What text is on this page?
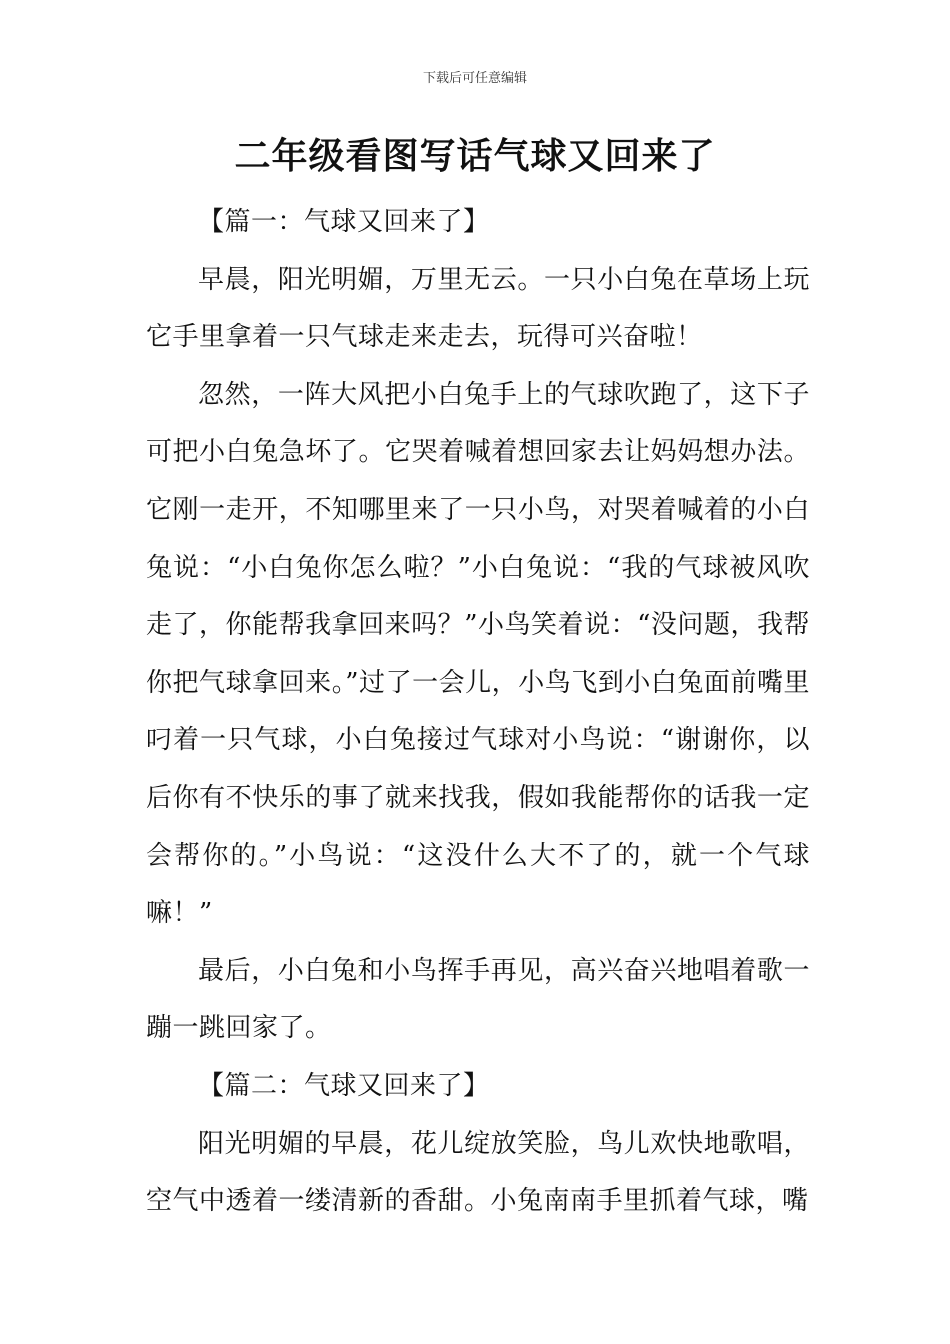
下载后可任意编辑
二年级看图写话气球又回来了
【篇一：气球又回来了】

早晨，阳光明媚，万里无云。一只小白兔在草场上玩它手里拿着一只气球走来走去，玩得可兴奋啦！

忽然，一阵大风把小白兔手上的气球吹跑了，这下子可把小白兔急坏了。它哭着喊着想回家去让妈妈想办法。它刚一走开，不知哪里来了一只小鸟，对哭着喊着的小白兔说：“小白兔你怎么啦？”小白兔说：“我的气球被风吹走了，你能帮我拿回来吗？”小鸟笑着说：“没问题，我帮你把气球拿回来。”过了一会儿，小鸟飞到小白兔面前嘴里叼着一只气球，小白兔接过气球对小鸟说：“谢谢你，以后你有不快乐的事了就来找我，假如我能帮你的话我一定会帮你的。”小鸟说：“这没什么大不了的，就一个气球嘛！”

最后，小白兔和小鸟挥手再见，高兴奋兴地唱着歌一蹦一跳回家了。

【篇二：气球又回来了】

阳光明媚的早晨，花儿绽放笑脸，鸟儿欢快地歌唱，空气中透着一缕清新的香甜。小兔南南手里抓着气球，嘴
